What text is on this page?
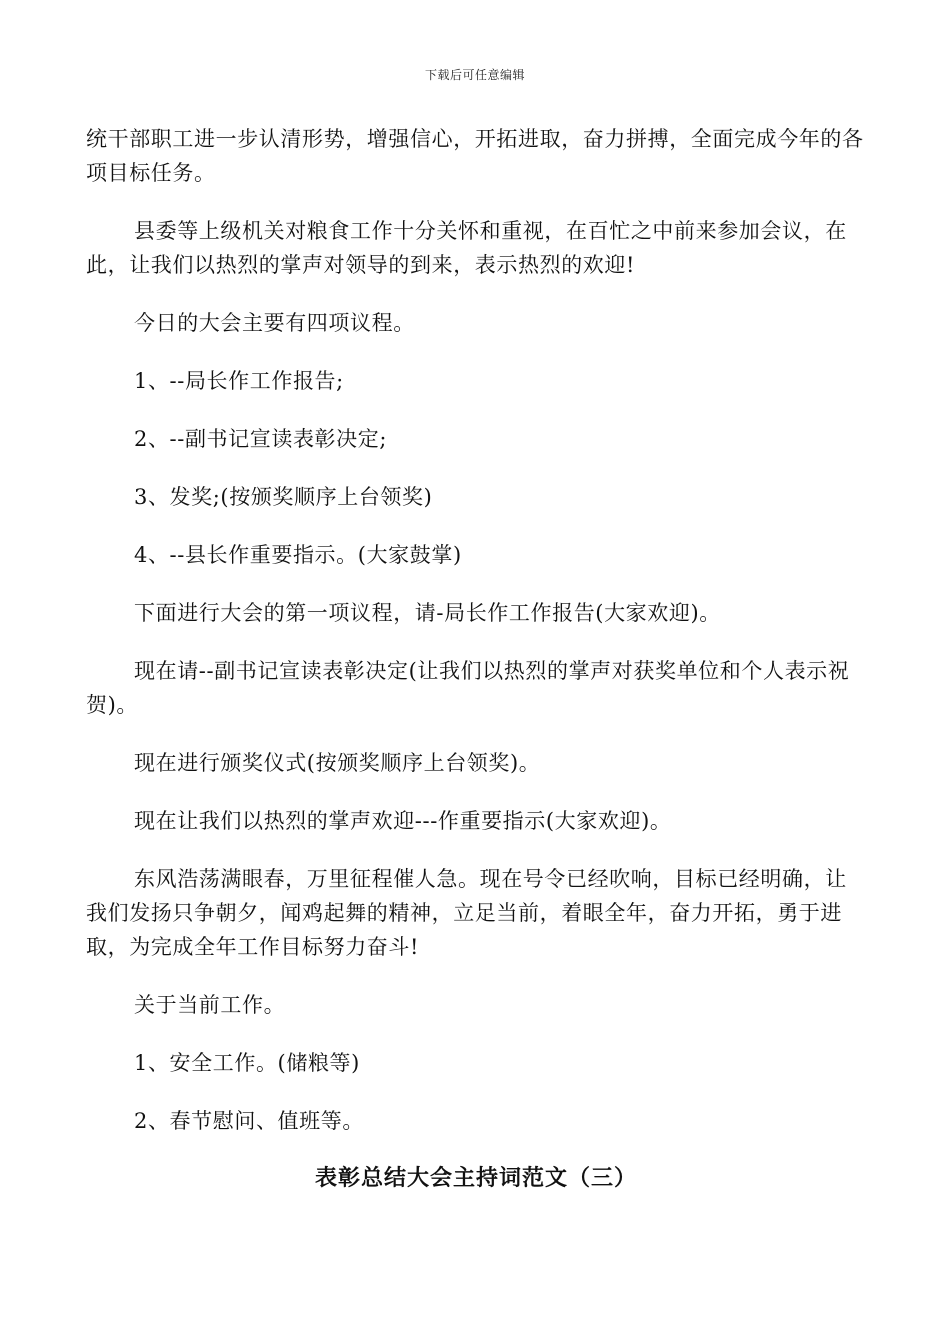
下载后可任意编辑

统干部职工进一步认清形势，增强信心，开拓进取，奋力拼搏，全面完成今年的各项目标任务。

县委等上级机关对粮食工作十分关怀和重视，在百忙之中前来参加会议，在此，让我们以热烈的掌声对领导的到来，表示热烈的欢迎!

今日的大会主要有四项议程。

1、--局长作工作报告;

2、--副书记宣读表彰决定;

3、发奖;(按颁奖顺序上台领奖)

4、--县长作重要指示。(大家鼓掌)

下面进行大会的第一项议程，请-局长作工作报告(大家欢迎)。

现在请--副书记宣读表彰决定(让我们以热烈的掌声对获奖单位和个人表示祝贺)。

现在进行颁奖仪式(按颁奖顺序上台领奖)。

现在让我们以热烈的掌声欢迎---作重要指示(大家欢迎)。

东风浩荡满眼春，万里征程催人急。现在号令已经吹响，目标已经明确，让我们发扬只争朝夕，闻鸡起舞的精神，立足当前，着眼全年，奋力开拓，勇于进取，为完成全年工作目标努力奋斗!

关于当前工作。

1、安全工作。(储粮等)

2、春节慰问、值班等。

表彰总结大会主持词范文（三）
